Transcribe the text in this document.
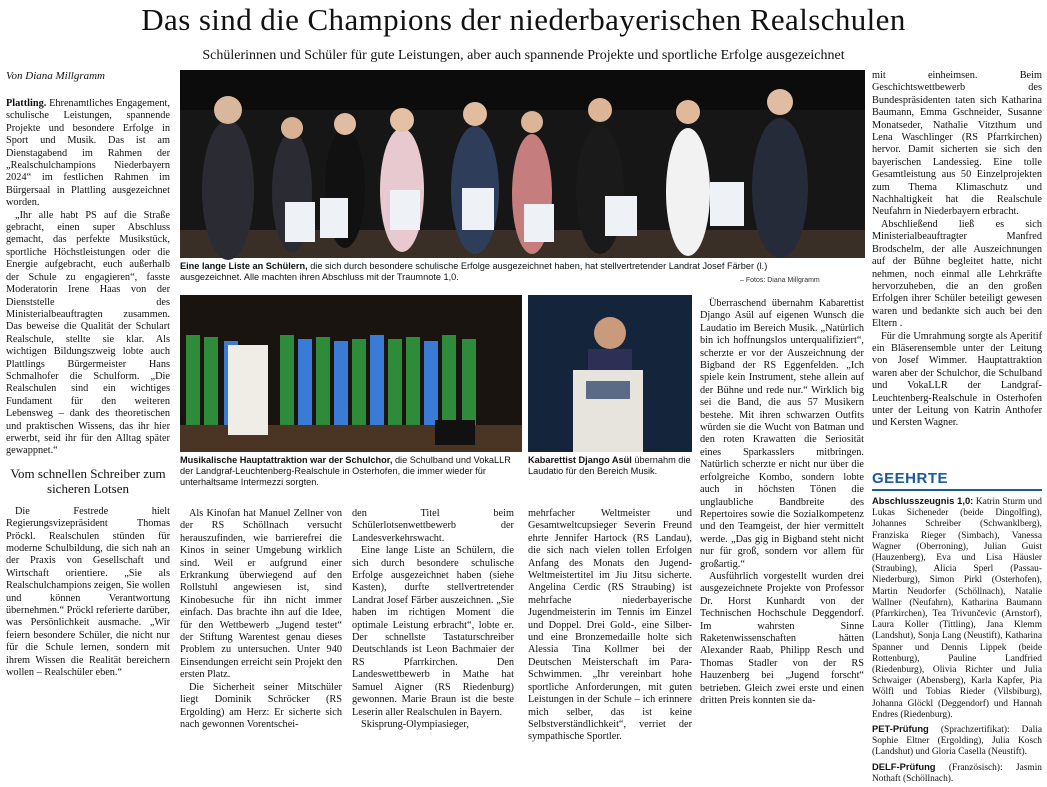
Das sind die Champions der niederbayerischen Realschulen
Schülerinnen und Schüler für gute Leistungen, aber auch spannende Projekte und sportliche Erfolge ausgezeichnet
Von Diana Millgramm

Plattling. Ehrenamtliches Engagement, schulische Leistungen, spannende Projekte und besondere Erfolge in Sport und Musik. Das ist am Dienstagabend im Rahmen der „Realschulchampions Niederbayern 2024“ im festlichen Rahmen im Bürgersaal in Plattling ausgezeichnet worden.

„Ihr alle habt PS auf die Straße gebracht, einen super Abschluss gemacht, das perfekte Musikstück, sportliche Höchstleistungen oder die Energie aufgebracht, euch außerhalb der Schule zu engagieren“, fasste Moderatorin Irene Haas von der Dienststelle des Ministerialbeauftragten zusammen. Das beweise die Qualität der Schulart Realschule, stellte sie klar. Als wichtigen Bildungszweig lobte auch Plattlings Bürgermeister Hans Schmalhofer die Schulform. „Die Realschulen sind ein wichtiges Fundament für den weiteren Lebensweg – dank des theoretischen und praktischen Wissens, das ihr hier erwerbt, seid ihr für den Alltag später gewappnet.“

Vom schnellen Schreiber zum sicheren Lotsen

Die Festrede hielt Regierungsvizepräsident Thomas Pröckl. Realschulen stünden für moderne Schulbildung, die sich nah an der Praxis von Gesellschaft und Wirtschaft orientiere. „Sie als Realschulchampions zeigen, Sie wollen und können Verantwortung übernehmen.“ Pröckl referierte darüber, was Persönlichkeit ausmache. „Wir feiern besondere Schüler, die nicht nur für die Schule lernen, sondern mit ihrem Wissen die Realität bereichern wollen – Realschüler eben.“

Eine lange Liste an Schülern, die sich durch besondere schulische Erfolge ausgezeichnet haben, hat stellvertretender Landrat Josef Färber (l.) ausgezeichnet. Alle machten ihren Abschluss mit der Traumnote 1,0.	– Fotos: Diana Millgramm
Musikalische Hauptattraktion war der Schulchor, die Schulband und VokaLLR der Landgraf-Leuchtenberg-Realschule in Osterhofen, die immer wieder für unterhaltsame Intermezzi sorgten.
Kabarettist Django Asül übernahm die Laudatio für den Bereich Musik.

Als Kinofan hat Manuel Zellner von der RS Schöllnach versucht herauszufinden, wie barrierefrei die Kinos in seiner Umgebung wirklich sind. Weil er aufgrund einer Erkrankung überwiegend auf den Rollstuhl angewiesen ist, sind Kinobesuche für ihn nicht immer einfach. Das brachte ihn auf die Idee, für den Wettbewerb „Jugend testet“ der Stiftung Warentest genau dieses Problem zu untersuchen. Unter 940 Einsendungen erreicht sein Projekt den ersten Platz.

Die Sicherheit seiner Mitschüler liegt Dominik Schröcker (RS Ergolding) am Herz: Er sicherte sich nach gewonnen Vorentschei-

den Titel beim Schülerlotsenwettbewerb der Landesverkehrswacht.

Eine lange Liste an Schülern, die sich durch besondere schulische Erfolge ausgezeichnet haben (siehe Kasten), durfte stellvertretender Landrat Josef Färber auszeichnen. „Sie haben im richtigen Moment die optimale Leistung erbracht“, lobte er. Der schnellste Tastaturschreiber Deutschlands ist Leon Bachmaier der RS Pfarrkirchen. Den Landeswettbewerb in Mathe hat Samuel Aigner (RS Riedenburg) gewonnen. Marie Braun ist die beste Leserin aller Realschulen in Bayern.

Skisprung-Olympiasieger,

mehrfacher Weltmeister und Gesamtweltcupsieger Severin Freund ehrte Jennifer Hartock (RS Landau), die sich nach vielen tollen Erfolgen Anfang des Monats den Jugend-Weltmeistertitel im Jiu Jitsu sicherte. Angelina Cerdic (RS Straubing) ist mehrfache niederbayerische Jugendmeisterin im Tennis im Einzel und Doppel. Drei Gold-, eine Silber- und eine Bronzemedaille holte sich Alessia Tina Kollmer bei der Deutschen Meisterschaft im Para-Schwimmen. „Ihr vereinbart hohe sportliche Anforderungen, mit guten Leistungen in der Schule – ich erinnere mich selber, das ist keine Selbstverständlichkeit“, verriet der sympathische Sportler.

Überraschend übernahm Kabarettist Django Asül auf eigenen Wunsch die Laudatio im Bereich Musik. „Natürlich bin ich hoffnungslos unterqualifiziert“, scherzte er vor der Auszeichnung der Bigband der RS Eggenfelden. „Ich spiele kein Instrument, stehe allein auf der Bühne und rede nur.“ Wirklich big sei die Band, die aus 57 Musikern bestehe. Mit ihren schwarzen Outfits würden sie die Wucht von Batman und den roten Krawatten die Seriosität eines Sparkasslers mitbringen. Natürlich scherzte er nicht nur über die erfolgreiche Kombo, sondern lobte auch in höchsten Tönen die unglaubliche Bandbreite des Repertoires sowie die Sozialkompetenz und den Teamgeist, der hier vermittelt werde. „Das gig in Bigband steht nicht nur für groß, sondern vor allem für großartig.“

Ausführlich vorgestellt wurden drei ausgezeichnete Projekte von Professor Dr. Horst Kunhardt von der Technischen Hochschule Deggendorf. Im wahrsten Sinne Raketenwissenschaften hätten Alexander Raab, Philipp Resch und Thomas Stadler von der RS Hauzenberg bei „Jugend forscht“ betrieben. Gleich zwei erste und einen dritten Preis konnten sie da-

mit einheimsen. Beim Geschichtswettbewerb des Bundespräsidenten taten sich Katharina Baumann, Emma Gschneider, Susanne Monatseder, Nathalie Vitzthum und Lena Waschlinger (RS Pfarrkirchen) hervor. Damit sicherten sie sich den bayerischen Landessieg. Eine tolle Gesamtleistung aus 50 Einzelprojekten zum Thema Klimaschutz und Nachhaltigkeit hat die Realschule Neufahrn in Niederbayern erbracht.

Abschließend ließ es sich Ministerialbeauftragter Manfred Brodschelm, der alle Auszeichnungen auf der Bühne begleitet hatte, nicht nehmen, noch einmal alle Lehrkräfte hervorzuheben, die an den großen Erfolgen ihrer Schüler beteiligt gewesen waren und bedankte sich auch bei den Eltern .

Für die Umrahmung sorgte als Aperitif ein Bläserensemble unter der Leitung von Josef Wimmer. Hauptattraktion waren aber der Schulchor, die Schulband und VokaLLR der Landgraf-Leuchtenberg-Realschule in Osterhofen unter der Leitung von Katrin Anthofer und Kersten Wagner.

GEEHRTE
Abschlusszeugnis 1,0: Katrin Sturm und Lukas Sicheneder (beide Dingolfing), Johannes Schreiber (Schwanklberg), Franziska Rieger (Simbach), Vanessa Wagner (Oberroning), Julian Guist (Hauzenberg), Eva und Lisa Häusler (Straubing), Alicia Sperl (Passau-Niederburg), Simon Pirkl (Osterhofen), Martin Neudorfer (Schöllnach), Natalie Wallner (Neufahrn), Katharina Baumann (Pfarrkirchen), Tea Trivunčevic (Arnstorf), Laura Koller (Tittling), Jana Klemm (Landshut), Sonja Lang (Neustift), Katharina Spanner und Dennis Lippek (beide Rottenburg), Pauline Landfried (Riedenburg), Olivia Richter und Julia Schwaiger (Abensberg), Karla Kapfer, Pia Wölfl und Tobias Rieder (Vilsbiburg), Johanna Glöckl (Deggendorf) und Hannah Endres (Riedenburg).
PET-Prüfung (Sprachzertifikat): Dalia Sophie Eltner (Ergolding), Julia Kosch (Landshut) und Gloria Casella (Neustift).
DELF-Prüfung (Französisch): Jasmin Nothaft (Schöllnach).
